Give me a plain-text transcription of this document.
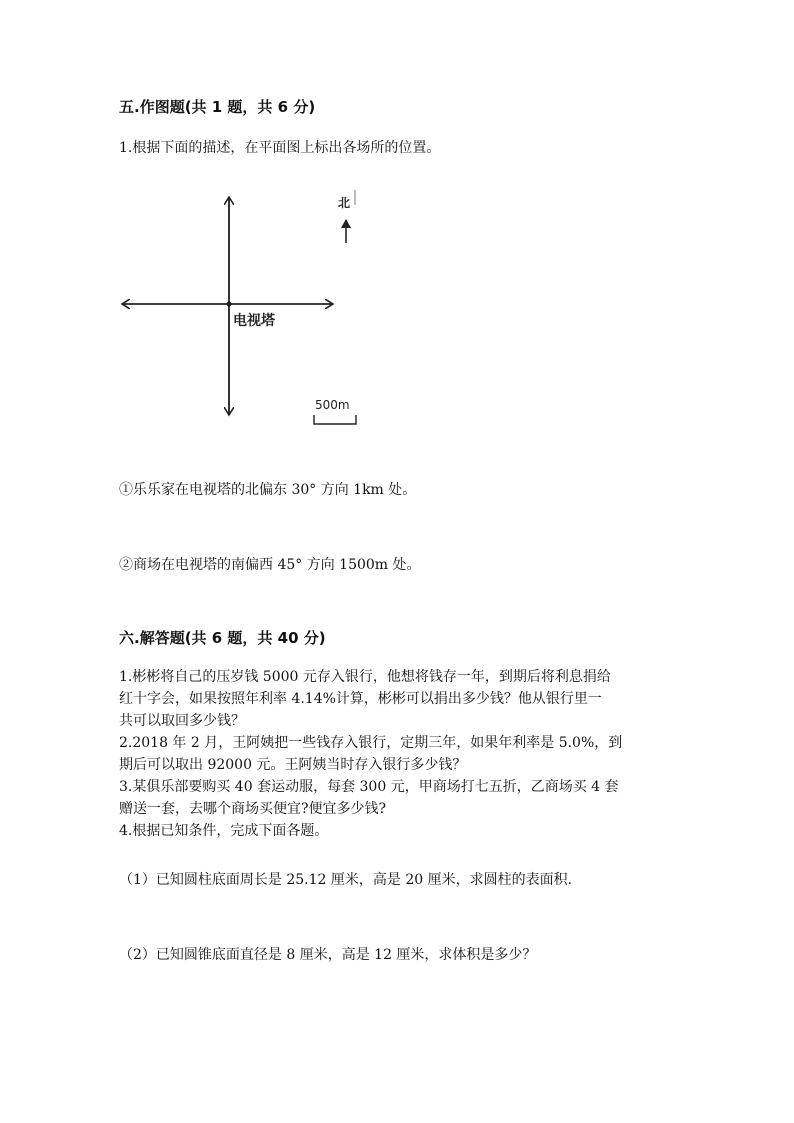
五.作图题(共 1 题，共 6 分)
1.根据下面的描述，在平面图上标出各场所的位置。
电视塔
北
500m
①乐乐家在电视塔的北偏东 30° 方向 1km 处。
②商场在电视塔的南偏西 45° 方向 1500m 处。
六.解答题(共 6 题，共 40 分)
1.彬彬将自己的压岁钱 5000 元存入银行，他想将钱存一年，到期后将利息捐给
红十字会，如果按照年利率 4.14%计算，彬彬可以捐出多少钱？他从银行里一
共可以取回多少钱？
2.2018 年 2 月，王阿姨把一些钱存入银行，定期三年，如果年利率是 5.0%，到
期后可以取出 92000 元。王阿姨当时存入银行多少钱？
3.某俱乐部要购买 40 套运动服，每套 300 元，甲商场打七五折，乙商场买 4 套
赠送一套，去哪个商场买便宜?便宜多少钱?
4.根据已知条件，完成下面各题。
（1）已知圆柱底面周长是 25.12 厘米，高是 20 厘米，求圆柱的表面积.
（2）已知圆锥底面直径是 8 厘米，高是 12 厘米，求体积是多少？
